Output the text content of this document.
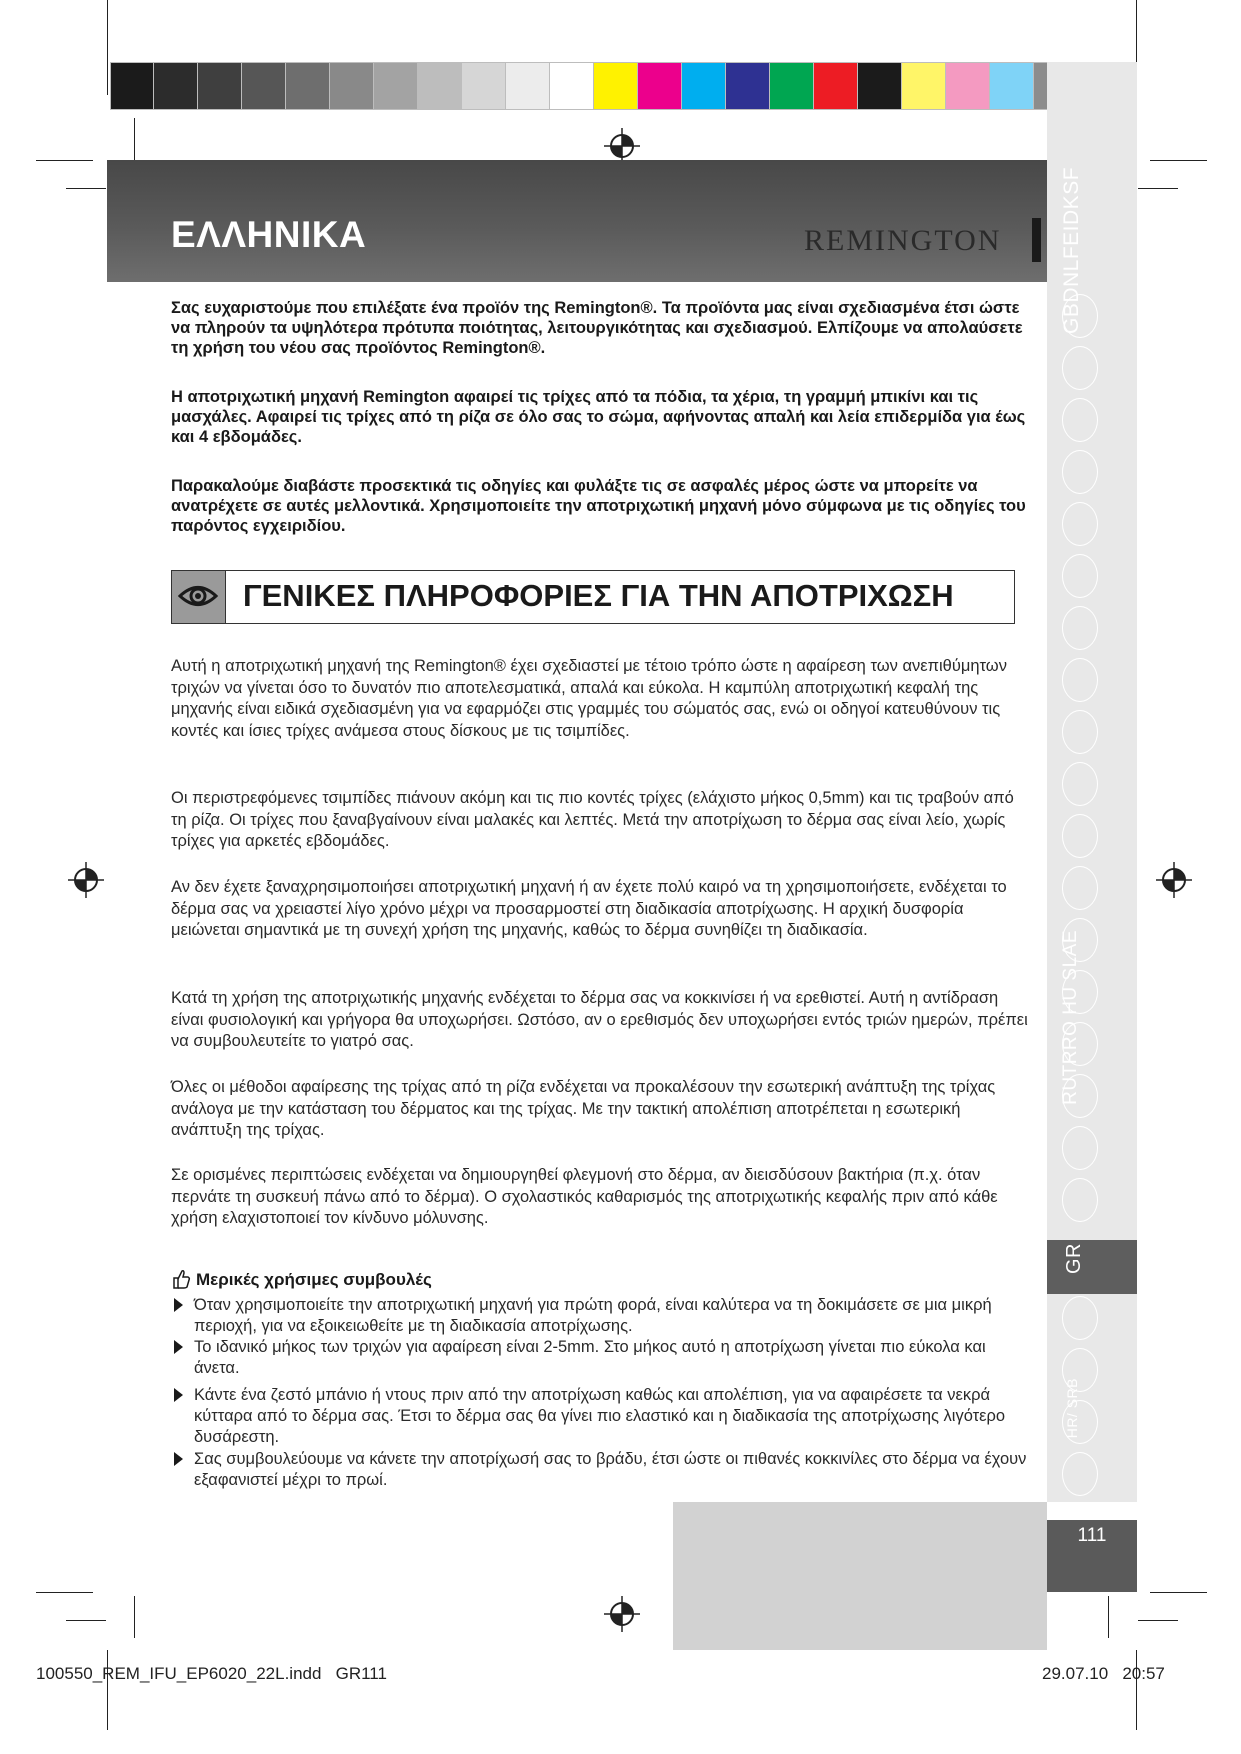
GBDNLFEIDKSF
RUTRRO HU SLAE
GR
HR/ SRB
ΕΛΛΗΝΙΚΑ	REMINGTON
Σας ευχαριστούμε που επιλέξατε ένα προϊόν της Remington®. Τα προϊόντα μας είναι σχεδιασμένα έτσι ώστε να πληρούν τα υψηλότερα πρότυπα ποιότητας, λειτουργικότητας και σχεδιασμού. Ελπίζουμε να απολαύσετε τη χρήση του νέου σας προϊόντος Remington®.
Η αποτριχωτική μηχανή Remington αφαιρεί τις τρίχες από τα πόδια, τα χέρια, τη γραμμή μπικίνι και τις μασχάλες. Αφαιρεί τις τρίχες από τη ρίζα σε όλο σας το σώμα, αφήνοντας απαλή και λεία επιδερμίδα για έως και 4 εβδομάδες.
Παρακαλούμε διαβάστε προσεκτικά τις οδηγίες και φυλάξτε τις σε ασφαλές μέρος ώστε να μπορείτε να ανατρέχετε σε αυτές μελλοντικά. Χρησιμοποιείτε την αποτριχωτική μηχανή μόνο σύμφωνα με τις οδηγίες του παρόντος εγχειριδίου.
ΓΕΝΙΚΕΣ ΠΛΗΡΟΦΟΡΙΕΣ ΓΙΑ ΤΗΝ ΑΠΟΤΡΙΧΩΣΗ
Αυτή η αποτριχωτική μηχανή της Remington® έχει σχεδιαστεί με τέτοιο τρόπο ώστε η αφαίρεση των ανεπιθύμητων τριχών να γίνεται όσο το δυνατόν πιο αποτελεσματικά, απαλά και εύκολα. Η καμπύλη αποτριχωτική κεφαλή της μηχανής είναι ειδικά σχεδιασμένη για να εφαρμόζει στις γραμμές του σώματός σας, ενώ οι οδηγοί κατευθύνουν τις κοντές και ίσιες τρίχες ανάμεσα στους δίσκους με τις τσιμπίδες.
Οι περιστρεφόμενες τσιμπίδες πιάνουν ακόμη και τις πιο κοντές τρίχες (ελάχιστο μήκος 0,5mm) και τις τραβούν από τη ρίζα. Οι τρίχες που ξαναβγαίνουν είναι μαλακές και λεπτές. Μετά την αποτρίχωση το δέρμα σας είναι λείο, χωρίς τρίχες για αρκετές εβδομάδες.
Αν δεν έχετε ξαναχρησιμοποιήσει αποτριχωτική μηχανή ή αν έχετε πολύ καιρό να τη χρησιμοποιήσετε, ενδέχεται το δέρμα σας να χρειαστεί λίγο χρόνο μέχρι να προσαρμοστεί στη διαδικασία αποτρίχωσης. Η αρχική δυσφορία μειώνεται σημαντικά με τη συνεχή χρήση της μηχανής, καθώς το δέρμα συνηθίζει τη διαδικασία.
Κατά τη χρήση της αποτριχωτικής μηχανής ενδέχεται το δέρμα σας να κοκκινίσει ή να ερεθιστεί. Αυτή η αντίδραση είναι φυσιολογική και γρήγορα θα υποχωρήσει. Ωστόσο, αν ο ερεθισμός δεν υποχωρήσει εντός τριών ημερών, πρέπει να συμβουλευτείτε το γιατρό σας.
Όλες οι μέθοδοι αφαίρεσης της τρίχας από τη ρίζα ενδέχεται να προκαλέσουν την εσωτερική ανάπτυξη της τρίχας ανάλογα με την κατάσταση του δέρματος και της τρίχας. Με την τακτική απολέπιση αποτρέπεται η εσωτερική ανάπτυξη της τρίχας.
Σε ορισμένες περιπτώσεις ενδέχεται να δημιουργηθεί φλεγμονή στο δέρμα, αν διεισδύσουν βακτήρια (π.χ. όταν περνάτε τη συσκευή πάνω από το δέρμα). Ο σχολαστικός καθαρισμός της αποτριχωτικής κεφαλής πριν από κάθε χρήση ελαχιστοποιεί τον κίνδυνο μόλυνσης.
Μερικές χρήσιμες συμβουλές
Όταν χρησιμοποιείτε την αποτριχωτική μηχανή για πρώτη φορά, είναι καλύτερα να τη δοκιμάσετε σε μια μικρή περιοχή, για να εξοικειωθείτε με τη διαδικασία αποτρίχωσης.
Το ιδανικό μήκος των τριχών για αφαίρεση είναι 2-5mm. Στο μήκος αυτό η αποτρίχωση γίνεται πιο εύκολα και άνετα.
Κάντε ένα ζεστό μπάνιο ή ντους πριν από την αποτρίχωση καθώς και απολέπιση, για να αφαιρέσετε τα νεκρά κύτταρα από το δέρμα σας. Έτσι το δέρμα σας θα γίνει πιο ελαστικό και η διαδικασία της αποτρίχωσης λιγότερο δυσάρεστη.
Σας συμβουλεύουμε να κάνετε την αποτρίχωσή σας το βράδυ, έτσι ώστε οι πιθανές κοκκινίλες στο δέρμα να έχουν εξαφανιστεί μέχρι το πρωί.
111
100550_REM_IFU_EP6020_22L.indd   GR111	29.07.10   20:57
